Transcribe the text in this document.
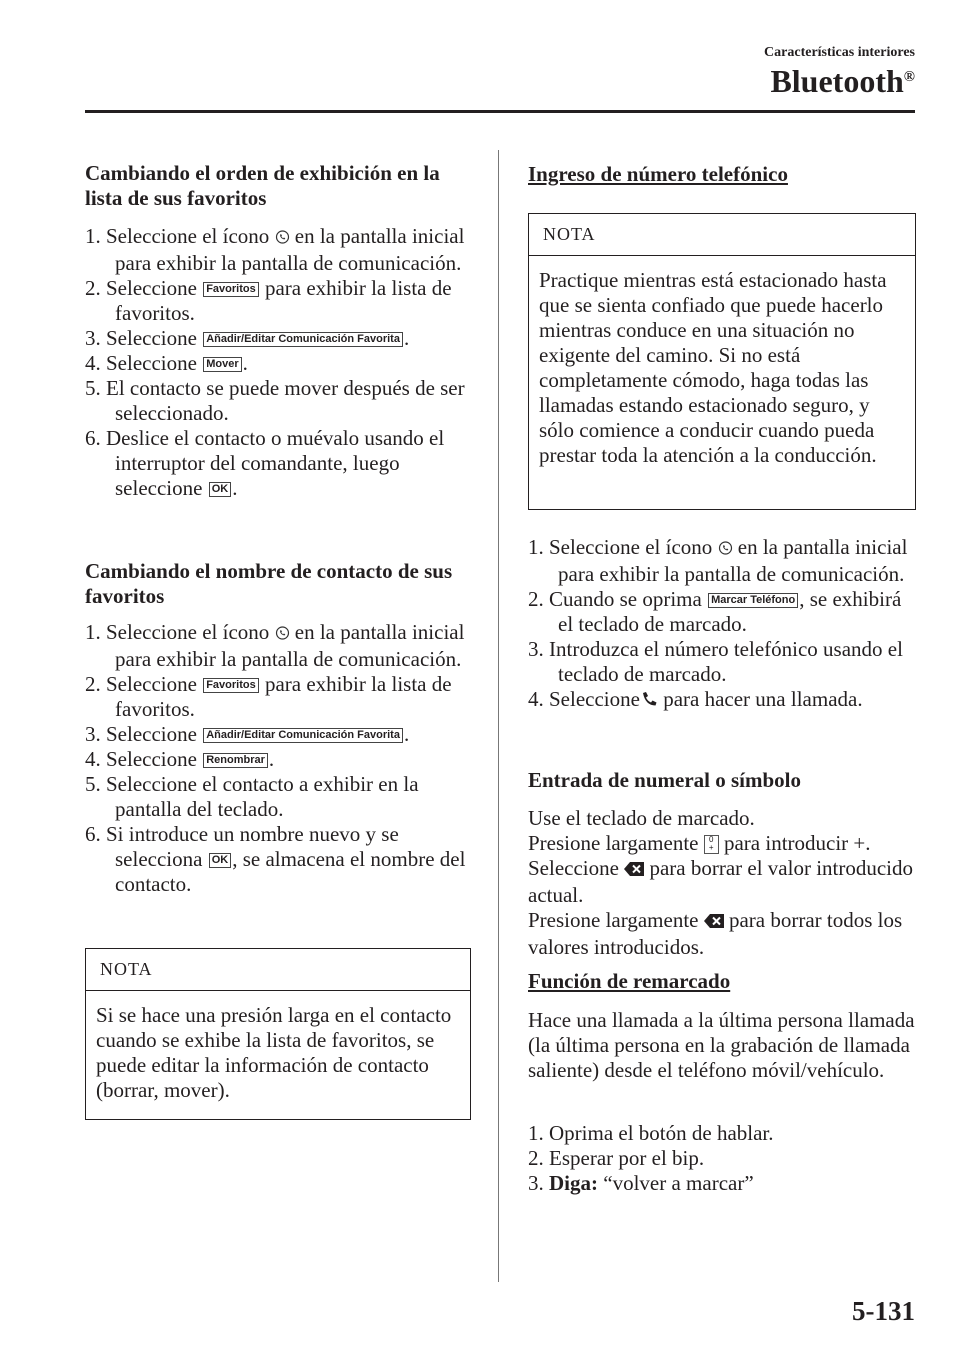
Características interiores
Bluetooth®
Cambiando el orden de exhibición en la lista de sus favoritos
1. Seleccione el ícono en la pantalla inicial para exhibir la pantalla de comunicación.
2. Seleccione Favoritos para exhibir la lista de favoritos.
3. Seleccione Añadir/Editar Comunicación Favorita .
4. Seleccione Mover .
5. El contacto se puede mover después de ser seleccionado.
6. Deslice el contacto o muévalo usando el interruptor del comandante, luego seleccione OK .
Cambiando el nombre de contacto de sus favoritos
1. Seleccione el ícono en la pantalla inicial para exhibir la pantalla de comunicación.
2. Seleccione Favoritos para exhibir la lista de favoritos.
3. Seleccione Añadir/Editar Comunicación Favorita .
4. Seleccione Renombrar .
5. Seleccione el contacto a exhibir en la pantalla del teclado.
6. Si introduce un nombre nuevo y se selecciona OK , se almacena el nombre del contacto.
NOTA
Si se hace una presión larga en el contacto cuando se exhibe la lista de favoritos, se puede editar la información de contacto (borrar, mover).
Ingreso de número telefónico
NOTA
Practique mientras está estacionado hasta que se sienta confiado que puede hacerlo mientras conduce en una situación no exigente del camino. Si no está completamente cómodo, haga todas las llamadas estando estacionado seguro, y sólo comience a conducir cuando pueda prestar toda la atención a la conducción.
1. Seleccione el ícono en la pantalla inicial para exhibir la pantalla de comunicación.
2. Cuando se oprima Marcar Teléfono , se exhibirá el teclado de marcado.
3. Introduzca el número telefónico usando el teclado de marcado.
4. Seleccione para hacer una llamada.
Entrada de numeral o símbolo

Use el teclado de marcado.

Presione largamente	0
+ para introducir +.

Seleccione para borrar el valor introducido actual.

Presione largamente para borrar todos los valores introducidos.

Función de remarcado

Hace una llamada a la última persona llamada (la última persona en la grabación de llamada saliente) desde el teléfono móvil/vehículo.

1. Oprima el botón de hablar.
2. Esperar por el bip.
3. Diga: “volver a marcar”
5-131
